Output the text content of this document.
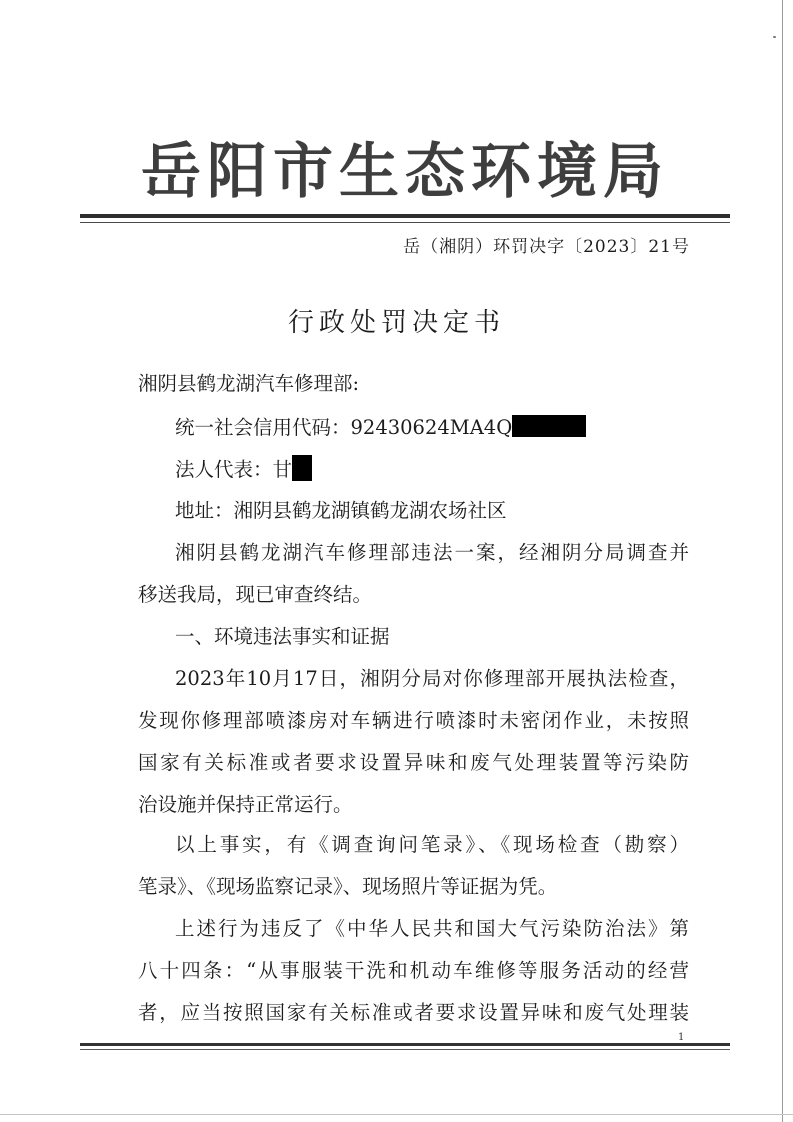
岳阳市生态环境局
岳（湘阴）环罚决字〔2023〕21号
行政处罚决定书
湘阴县鹤龙湖汽车修理部:
统一社会信用代码：92430624MA4Q
法人代表：甘
地址：湘阴县鹤龙湖镇鹤龙湖农场社区
湘阴县鹤龙湖汽车修理部违法一案，经湘阴分局调查并
移送我局，现已审查终结。
一、环境违法事实和证据
2023年10月17日，湘阴分局对你修理部开展执法检查，
发现你修理部喷漆房对车辆进行喷漆时未密闭作业，未按照
国家有关标准或者要求设置异味和废气处理装置等污染防
治设施并保持正常运行。
以上事实，有《调查询问笔录》、《现场检查（勘察）
笔录》、《现场监察记录》、现场照片等证据为凭。
上述行为违反了《中华人民共和国大气污染防治法》第
八十四条：“从事服装干洗和机动车维修等服务活动的经营
者，应当按照国家有关标准或者要求设置异味和废气处理装
1
